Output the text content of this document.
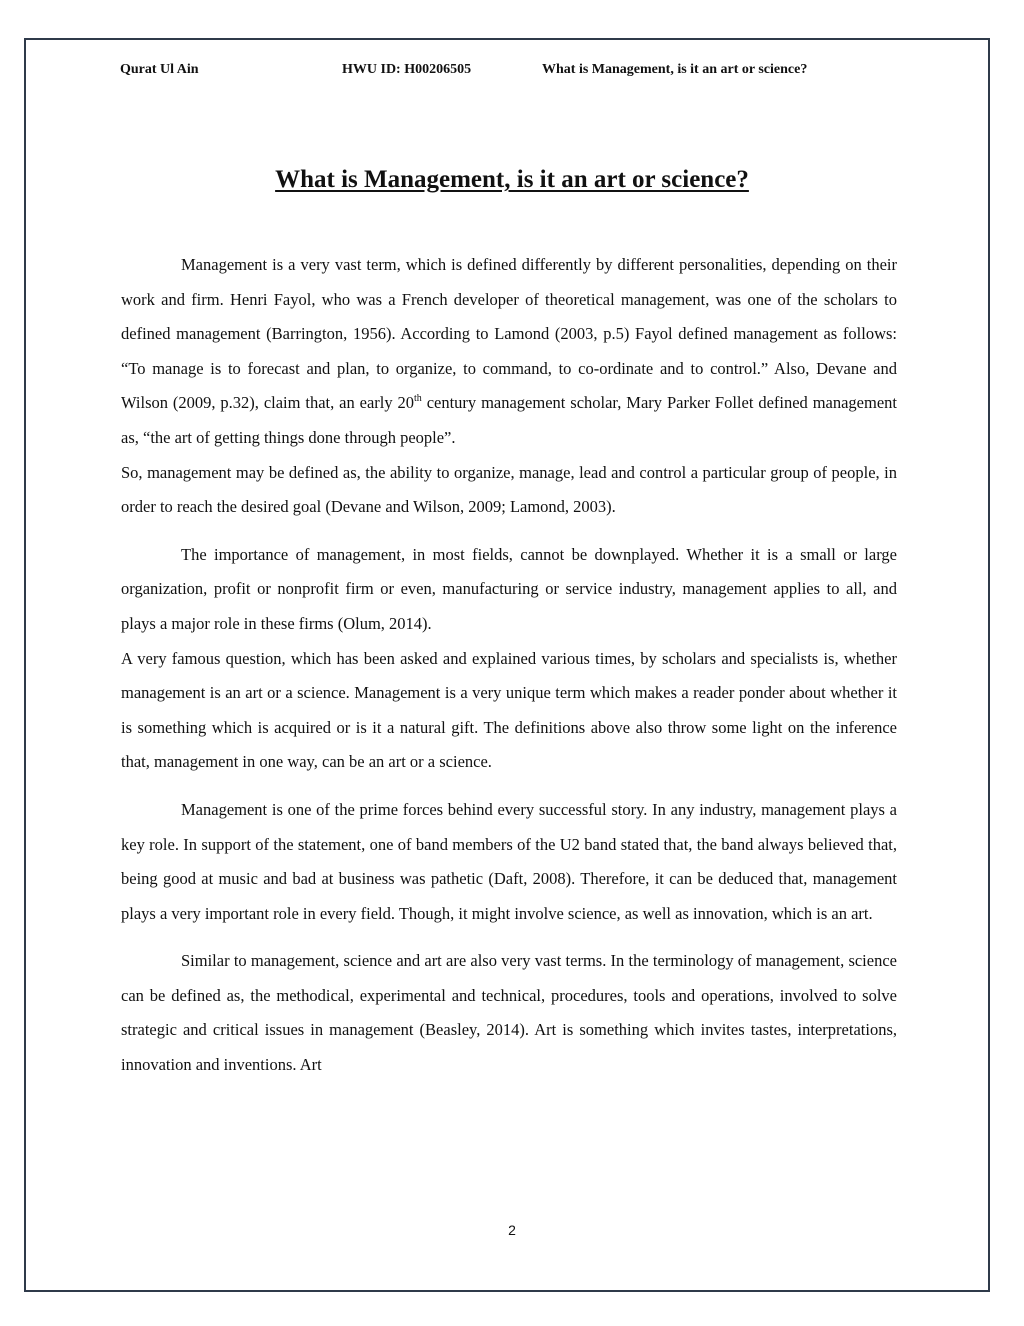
Qurat Ul Ain	HWU ID: H00206505	What is Management, is it an art or science?
What is Management, is it an art or science?

Management is a very vast term, which is defined differently by different personalities, depending on their work and firm. Henri Fayol, who was a French developer of theoretical management, was one of the scholars to defined management (Barrington, 1956). According to Lamond (2003, p.5) Fayol defined management as follows: “To manage is to forecast and plan, to organize, to command, to co-ordinate and to control.” Also, Devane and Wilson (2009, p.32), claim that, an early 20th century management scholar, Mary Parker Follet defined management as, “the art of getting things done through people”.

So, management may be defined as, the ability to organize, manage, lead and control a particular group of people, in order to reach the desired goal (Devane and Wilson, 2009; Lamond, 2003).

The importance of management, in most fields, cannot be downplayed. Whether it is a small or large organization, profit or nonprofit firm or even, manufacturing or service industry, management applies to all, and plays a major role in these firms (Olum, 2014).

A very famous question, which has been asked and explained various times, by scholars and specialists is, whether management is an art or a science. Management is a very unique term which makes a reader ponder about whether it is something which is acquired or is it a natural gift. The definitions above also throw some light on the inference that, management in one way, can be an art or a science.

Management is one of the prime forces behind every successful story. In any industry, management plays a key role. In support of the statement, one of band members of the U2 band stated that, the band always believed that, being good at music and bad at business was pathetic (Daft, 2008). Therefore, it can be deduced that, management plays a very important role in every field. Though, it might involve science, as well as innovation, which is an art.

Similar to management, science and art are also very vast terms. In the terminology of management, science can be defined as, the methodical, experimental and technical, procedures, tools and operations, involved to solve strategic and critical issues in management (Beasley, 2014). Art is something which invites tastes, interpretations, innovation and inventions. Art

2
